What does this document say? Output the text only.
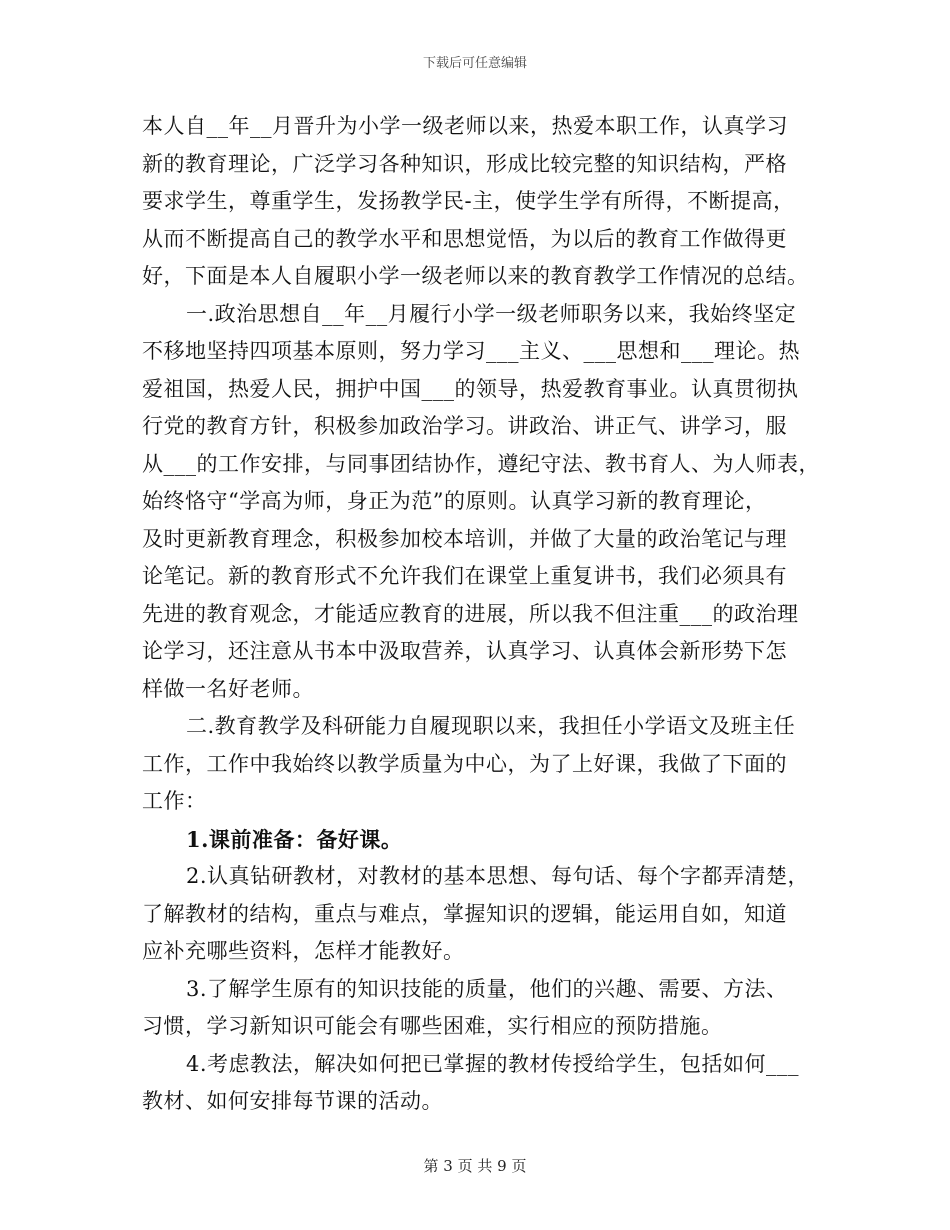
下载后可任意编辑
本人自__年__月晋升为小学一级老师以来，热爱本职工作，认真学习
新的教育理论，广泛学习各种知识，形成比较完整的知识结构，严格
要求学生，尊重学生，发扬教学民-主，使学生学有所得，不断提高，
从而不断提高自己的教学水平和思想觉悟，为以后的教育工作做得更
好，下面是本人自履职小学一级老师以来的教育教学工作情况的总结。
一.政治思想自__年__月履行小学一级老师职务以来，我始终坚定
不移地坚持四项基本原则，努力学习___主义、___思想和___理论。热
爱祖国，热爱人民，拥护中国___的领导，热爱教育事业。认真贯彻执
行党的教育方针，积极参加政治学习。讲政治、讲正气、讲学习，服
从___的工作安排，与同事团结协作，遵纪守法、教书育人、为人师表，
始终恪守“学高为师，身正为范”的原则。认真学习新的教育理论，
及时更新教育理念，积极参加校本培训，并做了大量的政治笔记与理
论笔记。新的教育形式不允许我们在课堂上重复讲书，我们必须具有
先进的教育观念，才能适应教育的进展，所以我不但注重___的政治理
论学习，还注意从书本中汲取营养，认真学习、认真体会新形势下怎
样做一名好老师。
二.教育教学及科研能力自履现职以来，我担任小学语文及班主任
工作，工作中我始终以教学质量为中心，为了上好课，我做了下面的
工作：
1.课前准备：备好课。
2.认真钻研教材，对教材的基本思想、每句话、每个字都弄清楚，
了解教材的结构，重点与难点，掌握知识的逻辑，能运用自如，知道
应补充哪些资料，怎样才能教好。
3.了解学生原有的知识技能的质量，他们的兴趣、需要、方法、
习惯，学习新知识可能会有哪些困难，实行相应的预防措施。
4.考虑教法，解决如何把已掌握的教材传授给学生，包括如何___
教材、如何安排每节课的活动。
第 3 页 共 9 页
